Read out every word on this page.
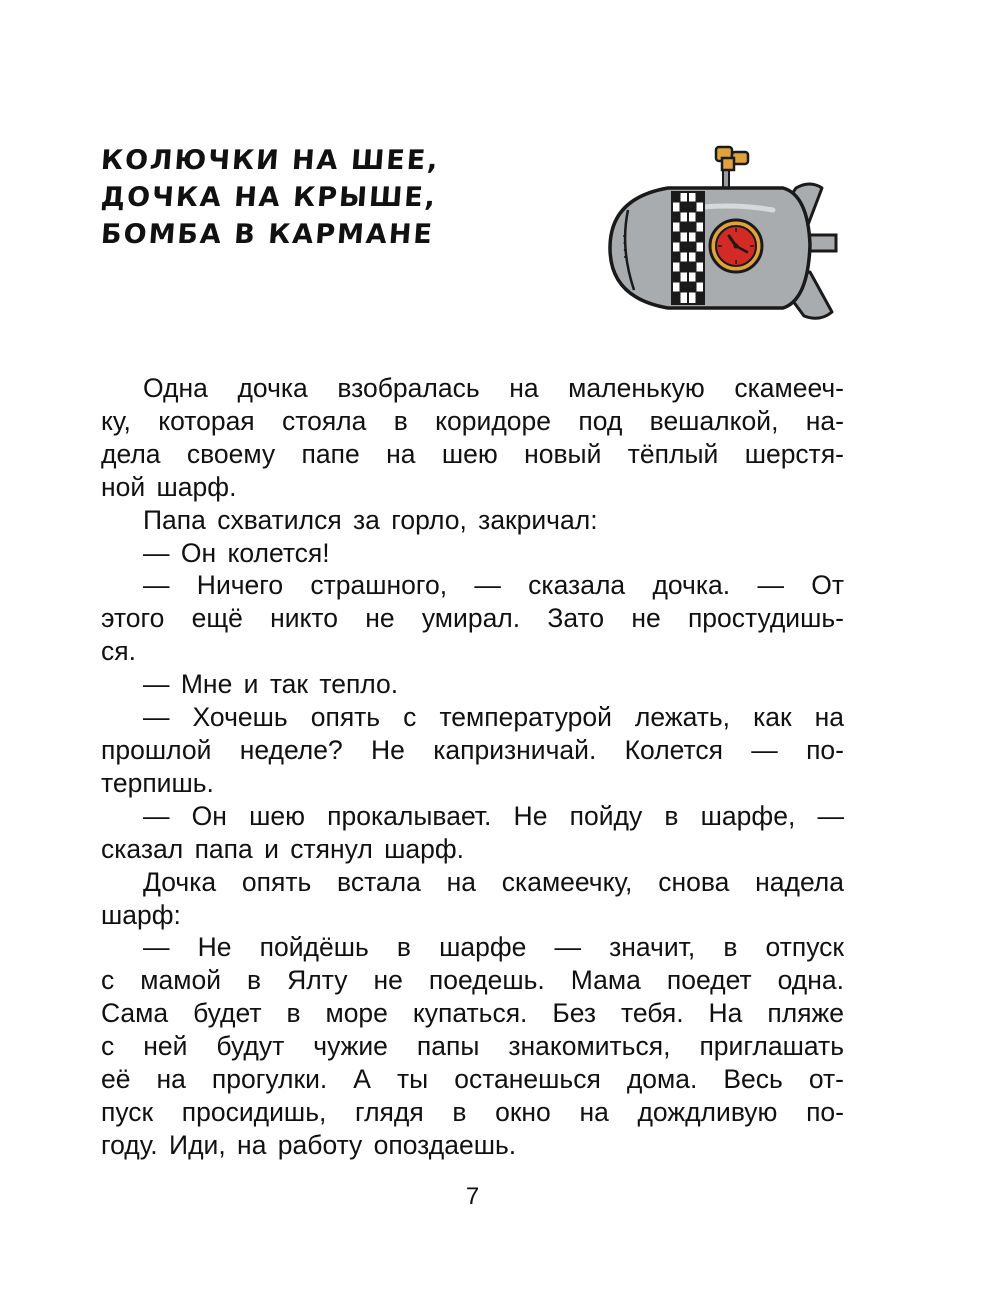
КОЛЮЧКИ НА ШЕЕ,
ДОЧКА НА КРЫШЕ,
БОМБА В КАРМАНЕ
Одна дочка взобралась на маленькую скамееч-
ку, которая стояла в коридоре под вешалкой, на-
дела своему папе на шею новый тёплый шерстя-
ной шарф.
Папа схватился за горло, закричал:
— Он колется!
— Ничего страшного, — сказала дочка. — От
этого ещё никто не умирал. Зато не простудишь-
ся.
— Мне и так тепло.
— Хочешь опять с температурой лежать, как на
прошлой неделе? Не капризничай. Колется — по-
терпишь.
— Он шею прокалывает. Не пойду в шарфе, —
сказал папа и стянул шарф.
Дочка опять встала на скамеечку, снова надела
шарф:
— Не пойдёшь в шарфе — значит, в отпуск
с мамой в Ялту не поедешь. Мама поедет одна.
Сама будет в море купаться. Без тебя. На пляже
с ней будут чужие папы знакомиться, приглашать
её на прогулки. А ты останешься дома. Весь от-
пуск просидишь, глядя в окно на дождливую по-
году. Иди, на работу опоздаешь.
7
